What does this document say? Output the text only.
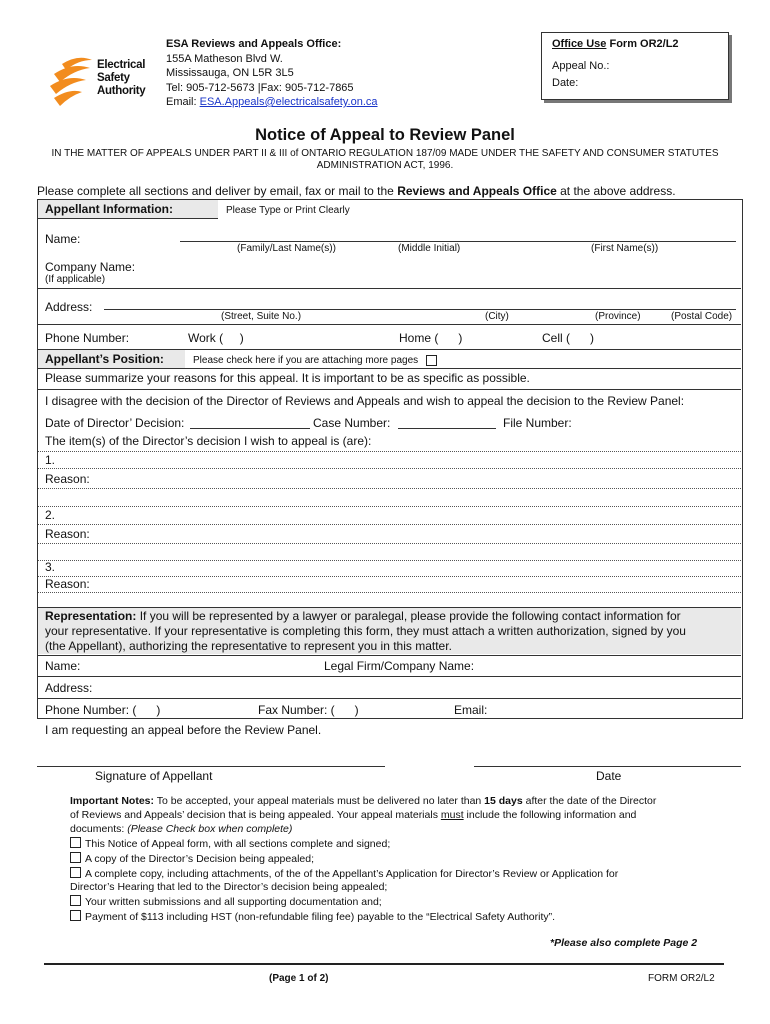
Electrical
Safety
Authority
ESA Reviews and Appeals Office:
155A Matheson Blvd W.
Mississauga, ON L5R 3L5
Tel: 905-712-5673 |Fax: 905-712-7865
Email: ESA.Appeals@electricalsafety.on.ca
Office Use Form OR2/L2
Appeal No.:
Date:
Notice of Appeal to Review Panel
IN THE MATTER OF APPEALS UNDER PART II & III of ONTARIO REGULATION 187/09 MADE UNDER THE SAFETY AND CONSUMER STATUTES
ADMINISTRATION ACT, 1996.
Please complete all sections and deliver by email, fax or mail to the Reviews and Appeals Office at the above address.
Appellant Information:	Please Type or Print Clearly
Name:
(Family/Last Name(s))	(Middle Initial)	(First Name(s))
Company Name:
(If applicable)
Address:
(Street, Suite No.)	(City)	(Province)	(Postal Code)
Phone Number:	Work (     )	Home (      )	Cell (      )
Appellant’s Position:	Please check here if you are attaching more pages
Please summarize your reasons for this appeal. It is important to be as specific as possible.
I disagree with the decision of the Director of Reviews and Appeals and wish to appeal the decision to the Review Panel:
Date of Director’ Decision:	Case Number:	File Number:
The item(s) of the Director’s decision I wish to appeal is (are):
1.
Reason:
2.
Reason:
3.
Reason:
Representation: If you will be represented by a lawyer or paralegal, please provide the following contact information for
your representative. If your representative is completing this form, they must attach a written authorization, signed by you
(the Appellant), authorizing the representative to represent you in this matter.
Name:	Legal Firm/Company Name:
Address:
Phone Number: (      )	Fax Number: (      )	Email:
I am requesting an appeal before the Review Panel.
Signature of Appellant	Date
Important Notes: To be accepted, your appeal materials must be delivered no later than 15 days after the date of the Director
of Reviews and Appeals’ decision that is being appealed. Your appeal materials must include the following information and
documents: (Please Check box when complete)
This Notice of Appeal form, with all sections complete and signed;
A copy of the Director’s Decision being appealed;
A complete copy, including attachments, of the of the Appellant’s Application for Director’s Review or Application for
Director’s Hearing that led to the Director’s decision being appealed;
Your written submissions and all supporting documentation and;
Payment of $113 including HST (non-refundable filing fee) payable to the “Electrical Safety Authority”.
*Please also complete Page 2
(Page 1 of 2)	FORM OR2/L2
